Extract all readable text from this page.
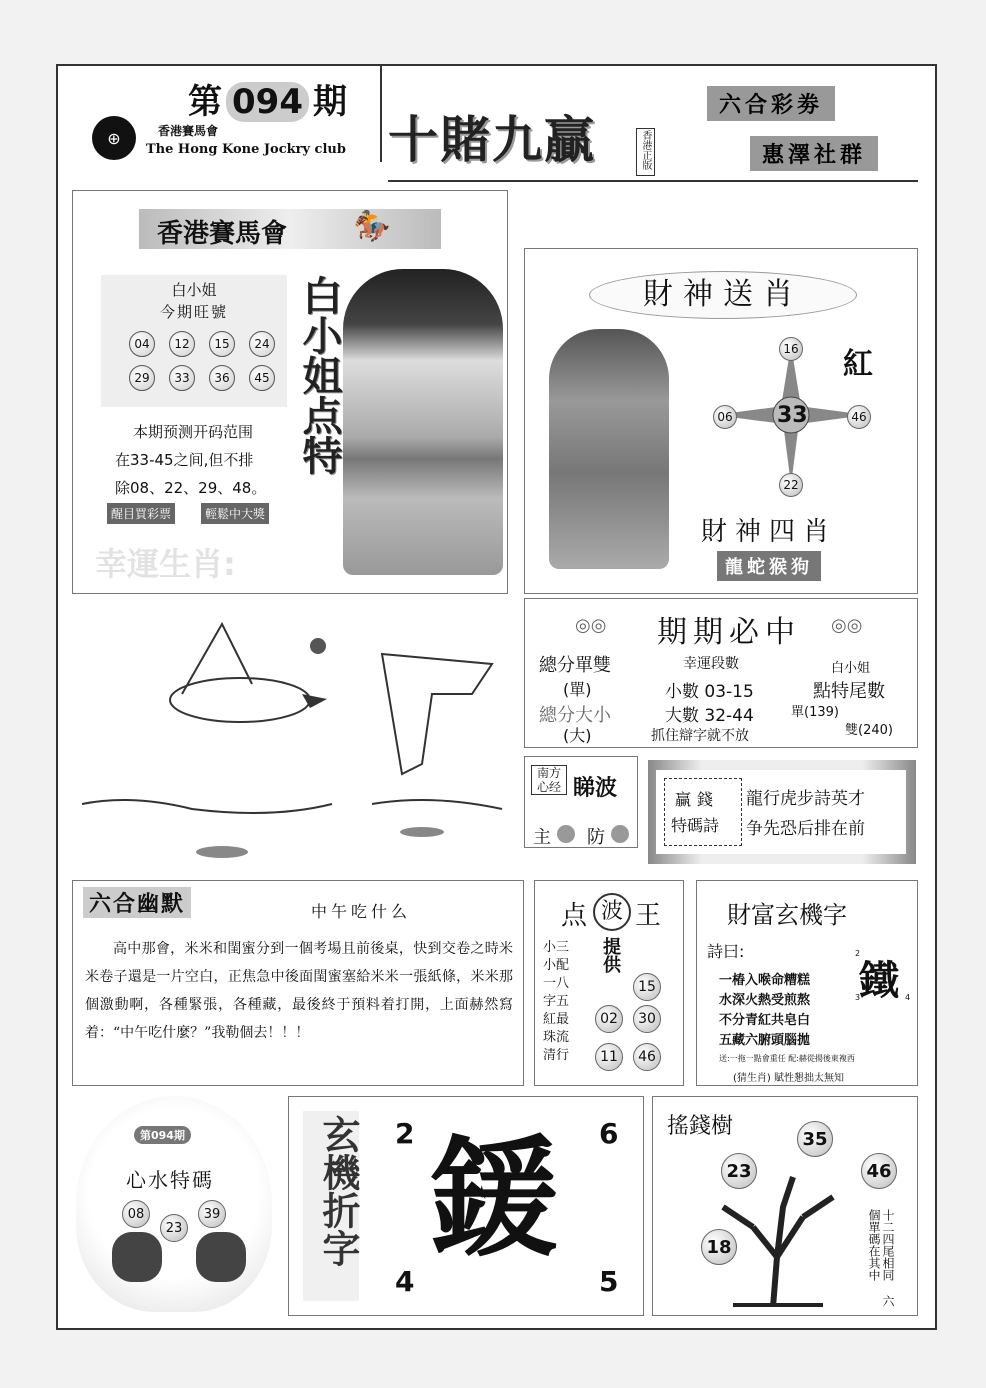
第 094 期
⊕	香港賽馬會
The Hong Kone Jockry club 十賭九贏	香港正版
六合彩劵
惠澤社群
香港賽馬會 🏇
白小姐
今期旺號
04	12	15	24
29	33	36	45 白小姐点特
本期预测开码范围
在33-45之间,但不排
除08、22、29、48。
醒目買彩票	輕鬆中大獎
幸運生肖:
財神送肖
16
06 33	46
22
紅
財神四肖
龍蛇猴狗
◎◎ 期期必中 ◎◎
總分單雙	幸運段數	白小姐
(單)	小數 03-15	點特尾數
總分大小	大數 32-44	單(139)
(大)	抓住辯字就不放	雙(240)
南方心经 睇波
主 防
贏錢
特碼詩
龍行虎步詩英才
争先恐后排在前
六合幽默	中午吃什么
高中那會，米米和閨蜜分到一個考場且前後桌，快到交卷之時米米卷子還是一片空白，正焦急中後面閨蜜塞給米米一張紙條，米米那個激動啊，各種緊張，各種藏，最後終于預料着打開，上面赫然寫着：“中午吃什麼？”我勒個去！！！
点 波 王
小三
小配
一八
字五
紅最
珠流
清行
提供
15
02	30
11	46
財富玄機字
詩曰:
一椿入喉命糟糕
水深火熱受煎熬
不分青紅共皂白
五藏六腑頭腦拋
2
鐵
3	4
送:一拖一點會重任 配:赫從揚後東複西
(猜生肖) 賦性懇拙太無知
第094期
心水特碼
08
23
39	玄機折字 2	6
鍰
4	5
搖錢樹	35
23	46
18	十二四尾相同 六個單碼在其中
